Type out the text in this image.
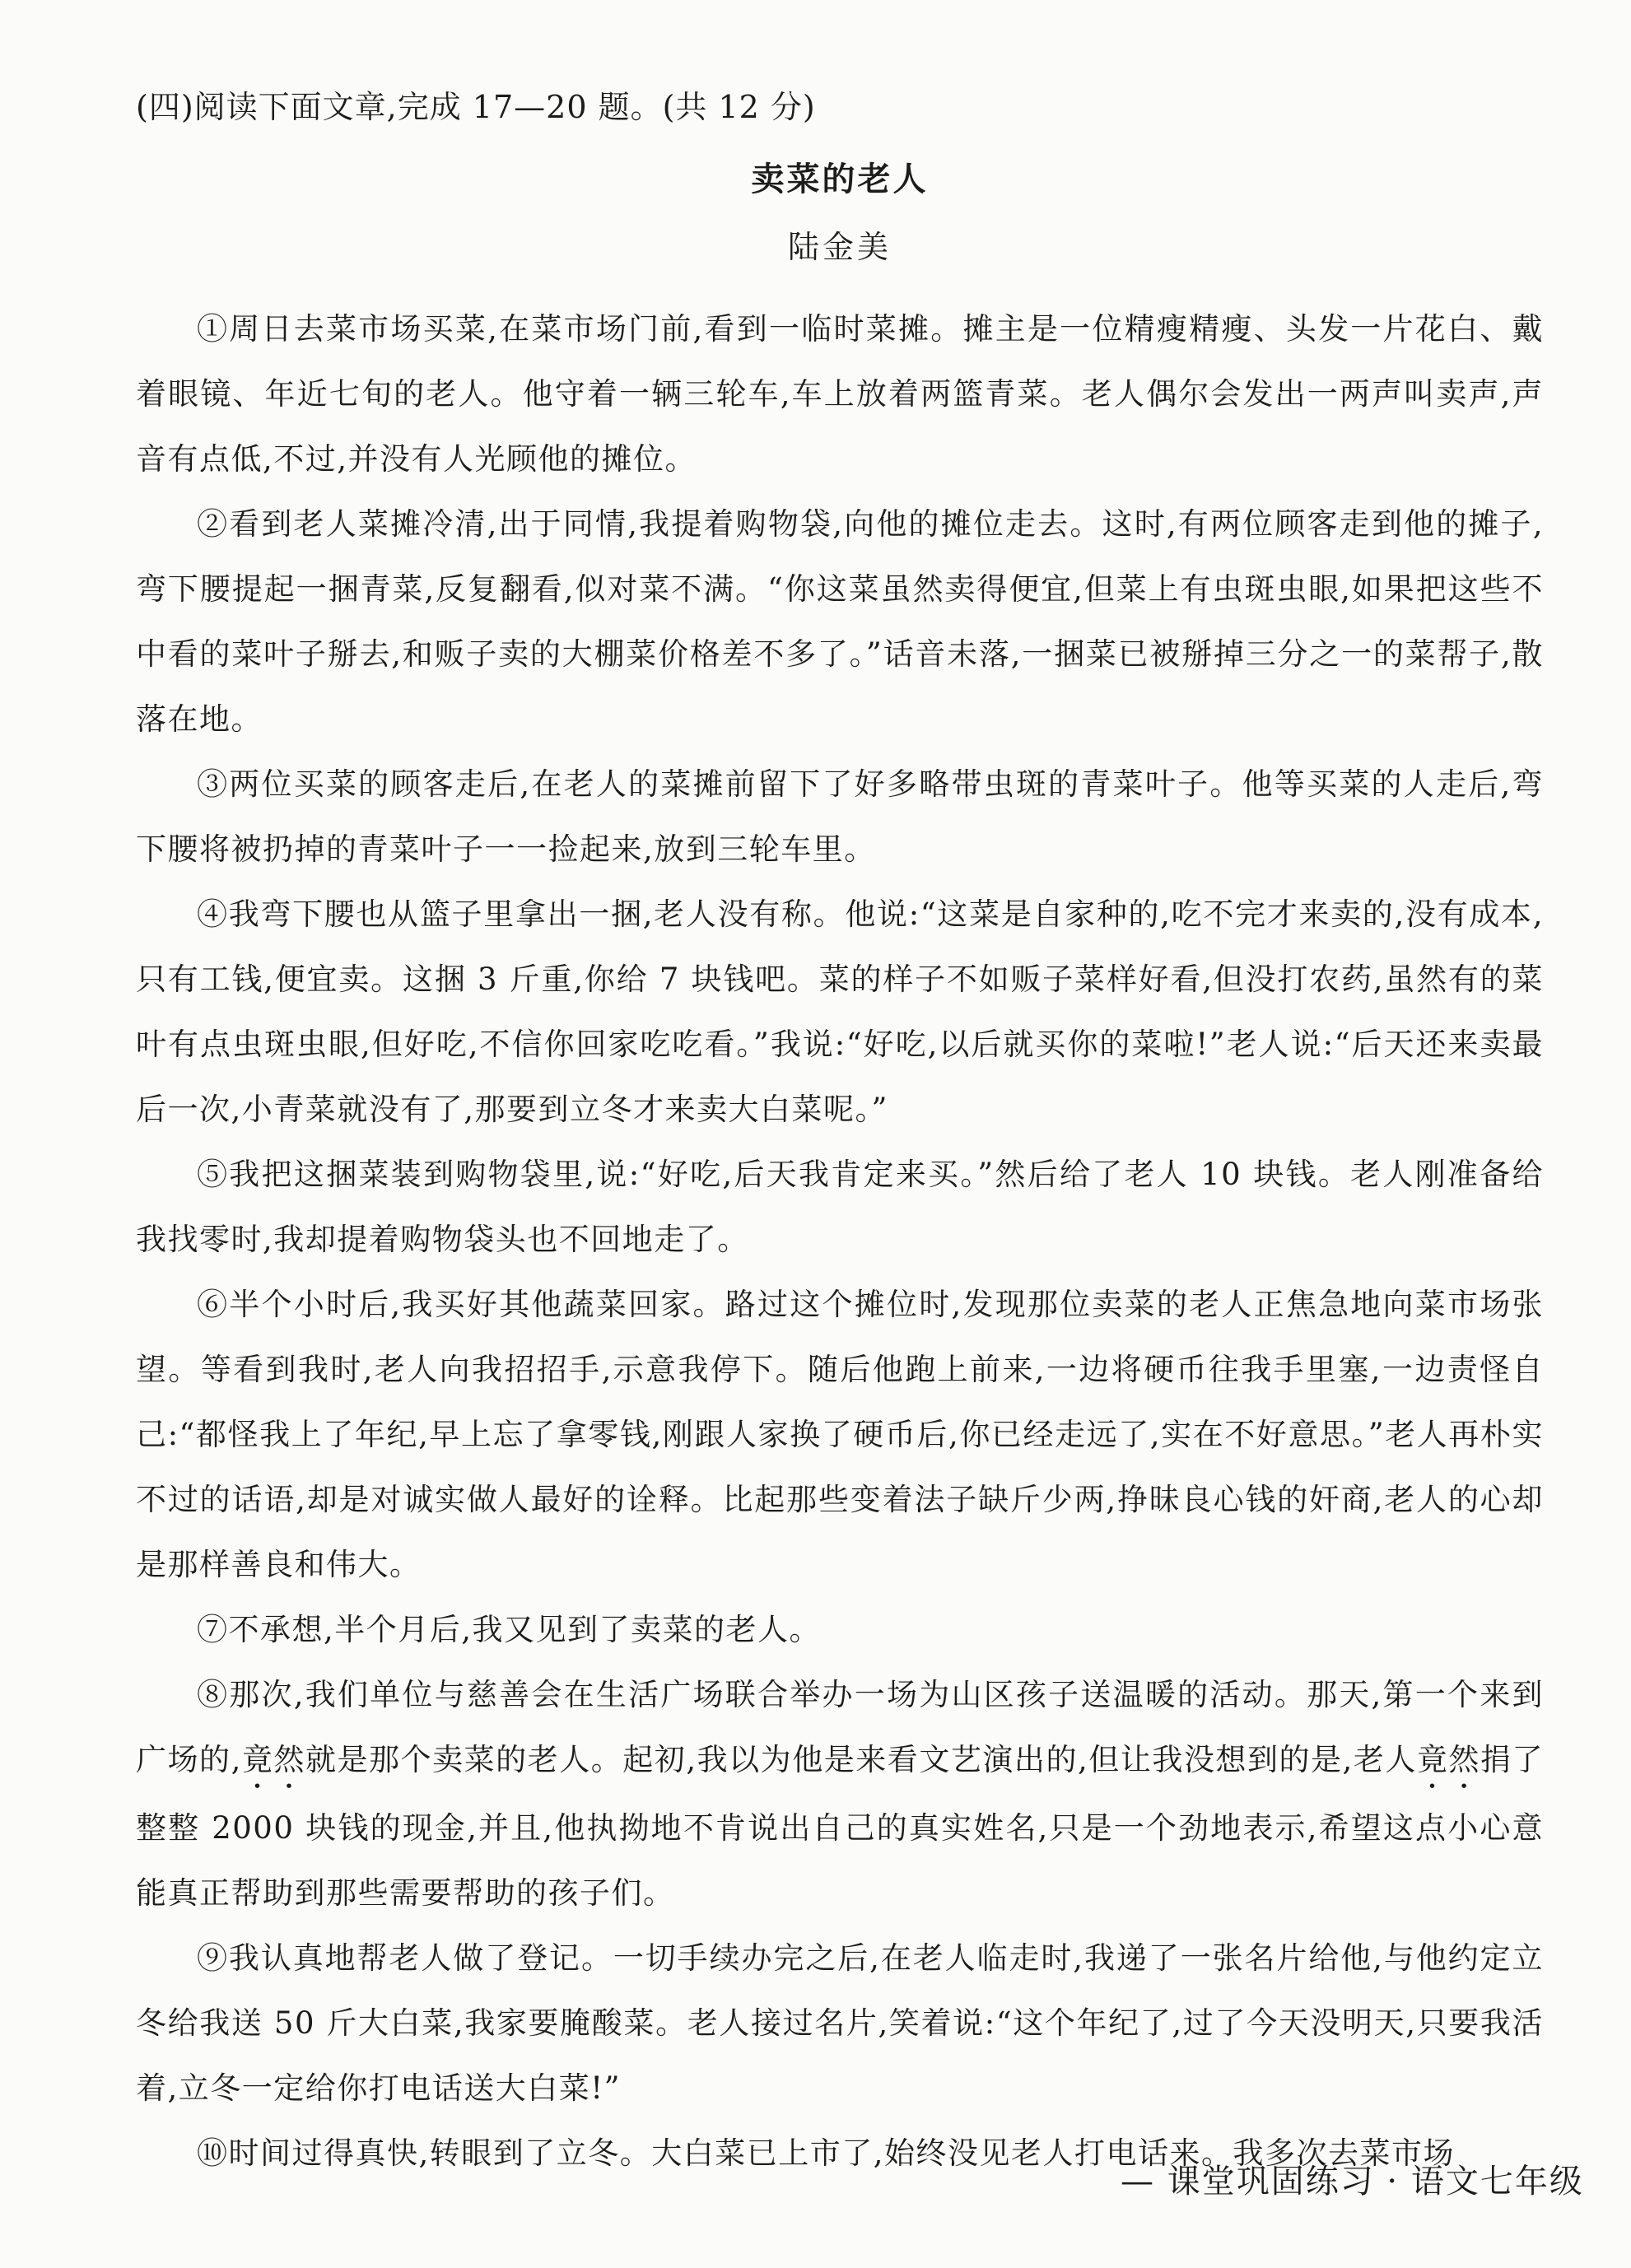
(四)阅读下面文章,完成 17—20 题。(共 12 分)
卖菜的老人
陆金美

①周日去菜市场买菜,在菜市场门前,看到一临时菜摊。摊主是一位精瘦精瘦、头发一片花白、戴着眼镜、年近七旬的老人。他守着一辆三轮车,车上放着两篮青菜。老人偶尔会发出一两声叫卖声,声音有点低,不过,并没有人光顾他的摊位。

②看到老人菜摊冷清,出于同情,我提着购物袋,向他的摊位走去。这时,有两位顾客走到他的摊子,弯下腰提起一捆青菜,反复翻看,似对菜不满。“你这菜虽然卖得便宜,但菜上有虫斑虫眼,如果把这些不中看的菜叶子掰去,和贩子卖的大棚菜价格差不多了。”话音未落,一捆菜已被掰掉三分之一的菜帮子,散落在地。

③两位买菜的顾客走后,在老人的菜摊前留下了好多略带虫斑的青菜叶子。他等买菜的人走后,弯下腰将被扔掉的青菜叶子一一捡起来,放到三轮车里。

④我弯下腰也从篮子里拿出一捆,老人没有称。他说:“这菜是自家种的,吃不完才来卖的,没有成本,只有工钱,便宜卖。这捆 3 斤重,你给 7 块钱吧。菜的样子不如贩子菜样好看,但没打农药,虽然有的菜叶有点虫斑虫眼,但好吃,不信你回家吃吃看。”我说:“好吃,以后就买你的菜啦!”老人说:“后天还来卖最后一次,小青菜就没有了,那要到立冬才来卖大白菜呢。”

⑤我把这捆菜装到购物袋里,说:“好吃,后天我肯定来买。”然后给了老人 10 块钱。老人刚准备给我找零时,我却提着购物袋头也不回地走了。

⑥半个小时后,我买好其他蔬菜回家。路过这个摊位时,发现那位卖菜的老人正焦急地向菜市场张望。等看到我时,老人向我招招手,示意我停下。随后他跑上前来,一边将硬币往我手里塞,一边责怪自己:“都怪我上了年纪,早上忘了拿零钱,刚跟人家换了硬币后,你已经走远了,实在不好意思。”老人再朴实不过的话语,却是对诚实做人最好的诠释。比起那些变着法子缺斤少两,挣昧良心钱的奸商,老人的心却是那样善良和伟大。

⑦不承想,半个月后,我又见到了卖菜的老人。

⑧那次,我们单位与慈善会在生活广场联合举办一场为山区孩子送温暖的活动。那天,第一个来到广场的,竟然就是那个卖菜的老人。起初,我以为他是来看文艺演出的,但让我没想到的是,老人竟然捐了整整 2000 块钱的现金,并且,他执拗地不肯说出自己的真实姓名,只是一个劲地表示,希望这点小心意能真正帮助到那些需要帮助的孩子们。

⑨我认真地帮老人做了登记。一切手续办完之后,在老人临走时,我递了一张名片给他,与他约定立冬给我送 50 斤大白菜,我家要腌酸菜。老人接过名片,笑着说:“这个年纪了,过了今天没明天,只要我活着,立冬一定给你打电话送大白菜!”

⑩时间过得真快,转眼到了立冬。大白菜已上市了,始终没见老人打电话来。我多次去菜市场

— 课堂巩固练习 · 语文七年级
